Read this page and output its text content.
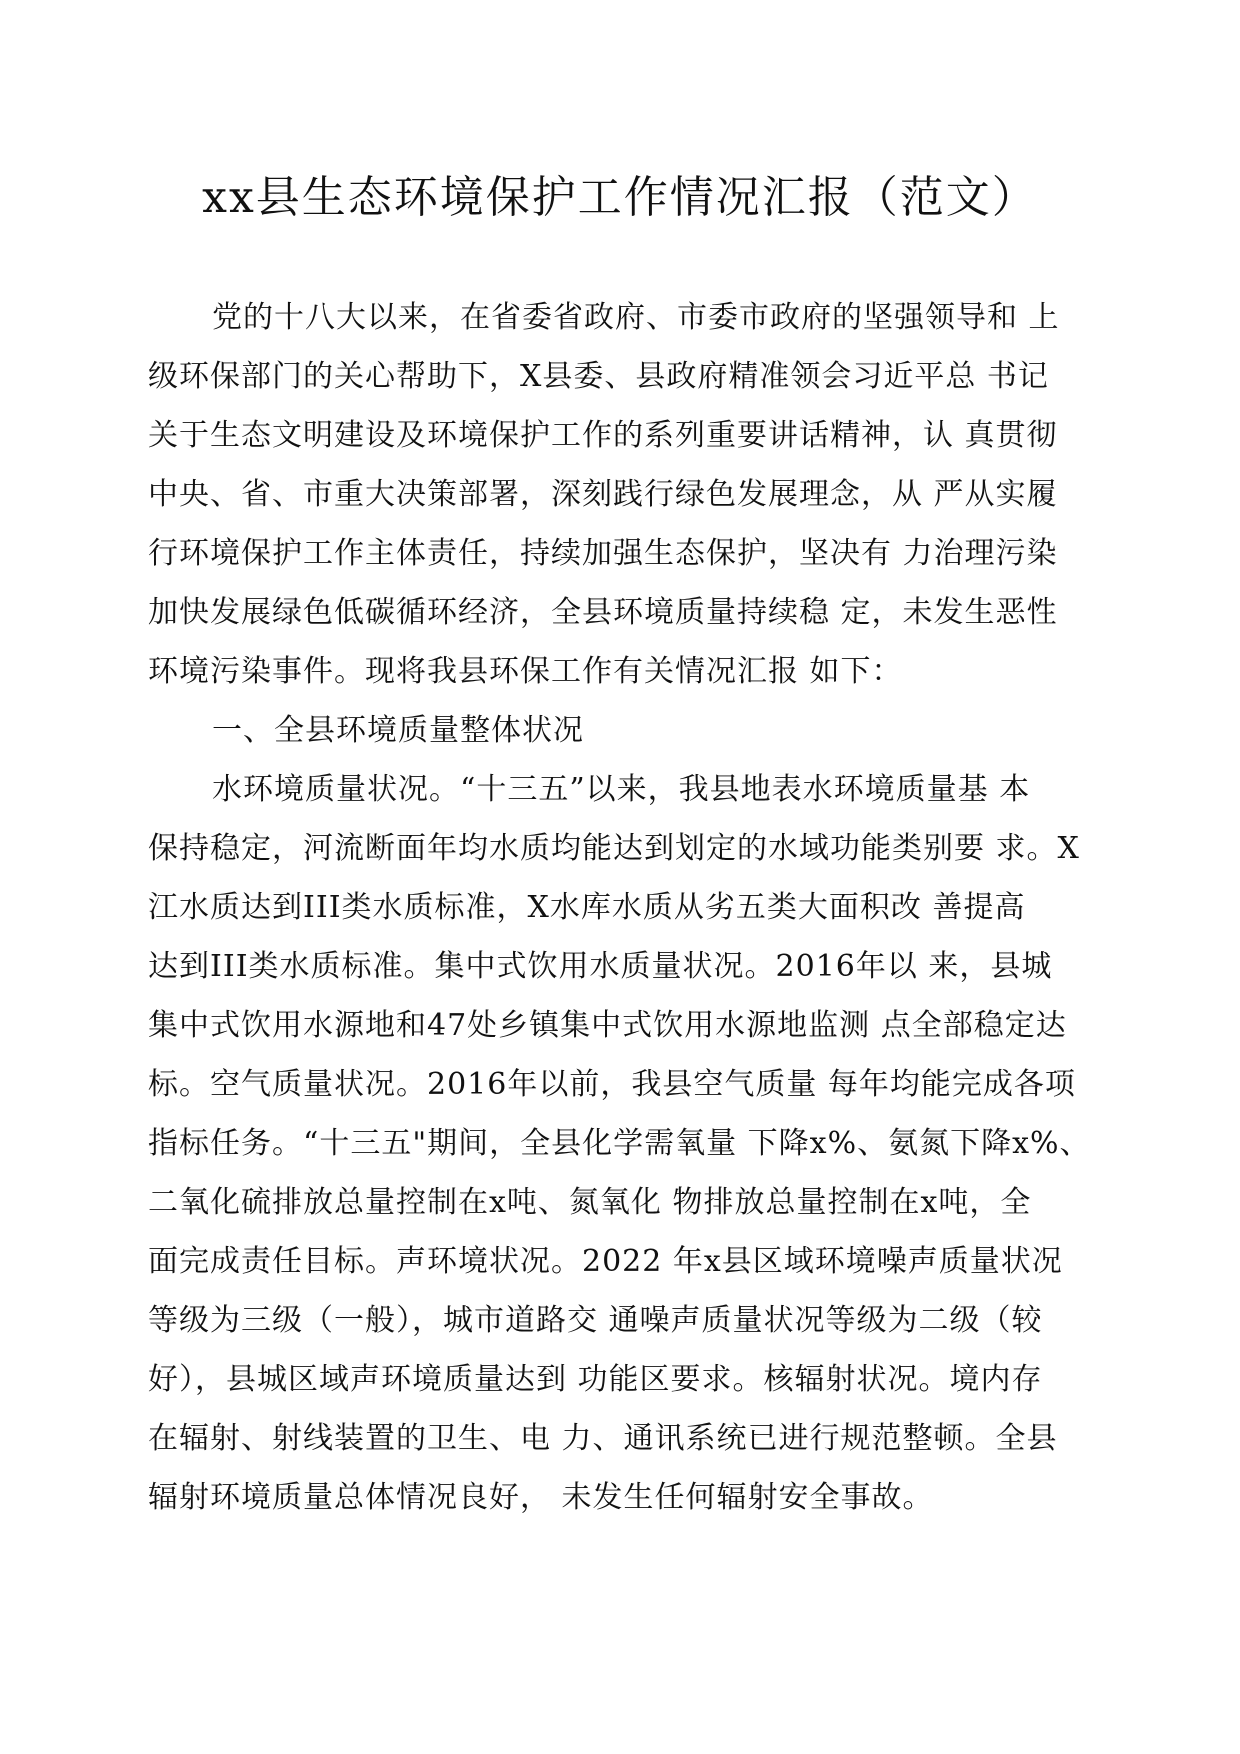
xx县生态环境保护工作情况汇报（范文）
党的十八大以来，在省委省政府、市委市政府的坚强领导和 上
级环保部门的关心帮助下，X县委、县政府精准领会习近平总 书记
关于生态文明建设及环境保护工作的系列重要讲话精神，认 真贯彻
中央、省、市重大决策部署，深刻践行绿色发展理念，从 严从实履
行环境保护工作主体责任，持续加强生态保护，坚决有 力治理污染
加快发展绿色低碳循环经济，全县环境质量持续稳 定，未发生恶性
环境污染事件。现将我县环保工作有关情况汇报 如下：
一、全县环境质量整体状况
水环境质量状况。“十三五”以来，我县地表水环境质量基 本
保持稳定，河流断面年均水质均能达到划定的水域功能类别要 求。X
江水质达到III类水质标准，X水库水质从劣五类大面积改 善提高
达到III类水质标准。集中式饮用水质量状况。2016年以 来，县城
集中式饮用水源地和47处乡镇集中式饮用水源地监测 点全部稳定达
标。空气质量状况。2016年以前，我县空气质量 每年均能完成各项
指标任务。“十三五"期间，全县化学需氧量 下降x%、氨氮下降x%、
二氧化硫排放总量控制在x吨、氮氧化 物排放总量控制在x吨，全
面完成责任目标。声环境状况。2022 年x县区域环境噪声质量状况
等级为三级（一般），城市道路交 通噪声质量状况等级为二级（较
好），县城区域声环境质量达到 功能区要求。核辐射状况。境内存
在辐射、射线装置的卫生、电 力、通讯系统已进行规范整顿。全县
辐射环境质量总体情况良好， 未发生任何辐射安全事故。
